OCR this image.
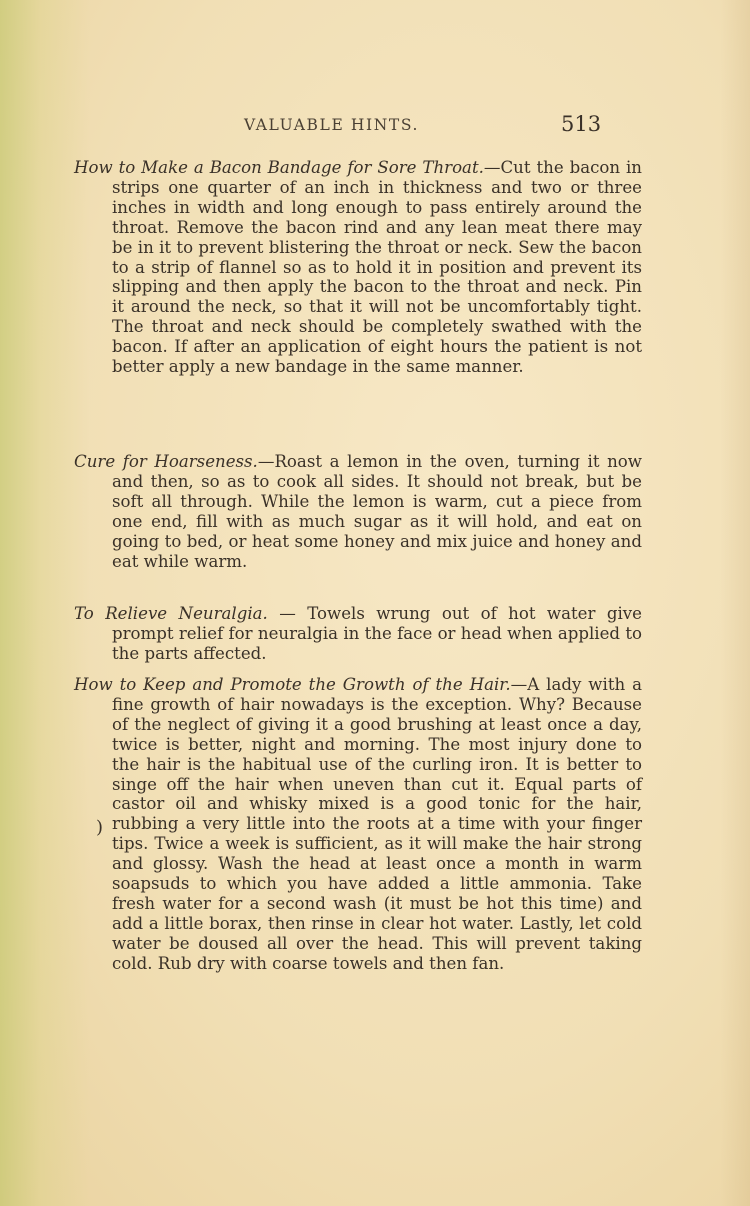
VALUABLE HINTS.	513

How to Make a Bacon Bandage for Sore Throat.—Cut the bacon in strips one quarter of an inch in thickness and two or three inches in width and long enough to pass entirely around the throat. Remove the bacon rind and any lean meat there may be in it to prevent blistering the throat or neck. Sew the bacon to a strip of flannel so as to hold it in position and prevent its slipping and then apply the bacon to the throat and neck. Pin it around the neck, so that it will not be uncomfortably tight. The throat and neck should be completely swathed with the bacon. If after an application of eight hours the patient is not better apply a new bandage in the same manner.

Cure for Hoarseness.—Roast a lemon in the oven, turning it now and then, so as to cook all sides. It should not break, but be soft all through. While the lemon is warm, cut a piece from one end, fill with as much sugar as it will hold, and eat on going to bed, or heat some honey and mix juice and honey and eat while warm.

To Relieve Neuralgia. — Towels wrung out of hot water give prompt relief for neuralgia in the face or head when applied to the parts affected.

How to Keep and Promote the Growth of the Hair.—A lady with a fine growth of hair nowadays is the exception. Why? Because of the neglect of giving it a good brushing at least once a day, twice is better, night and morning. The most injury done to the hair is the habitual use of the curling iron. It is better to singe off the hair when uneven than cut it. Equal parts of castor oil and whisky mixed is a good tonic for the hair, rubbing a very little into the roots at a time with your finger tips. Twice a week is sufficient, as it will make the hair strong and glossy. Wash the head at least once a month in warm soapsuds to which you have added a little ammonia. Take fresh water for a second wash (it must be hot this time) and add a little borax, then rinse in clear hot water. Lastly, let cold water be doused all over the head. This will prevent taking cold. Rub dry with coarse towels and then fan.

)
